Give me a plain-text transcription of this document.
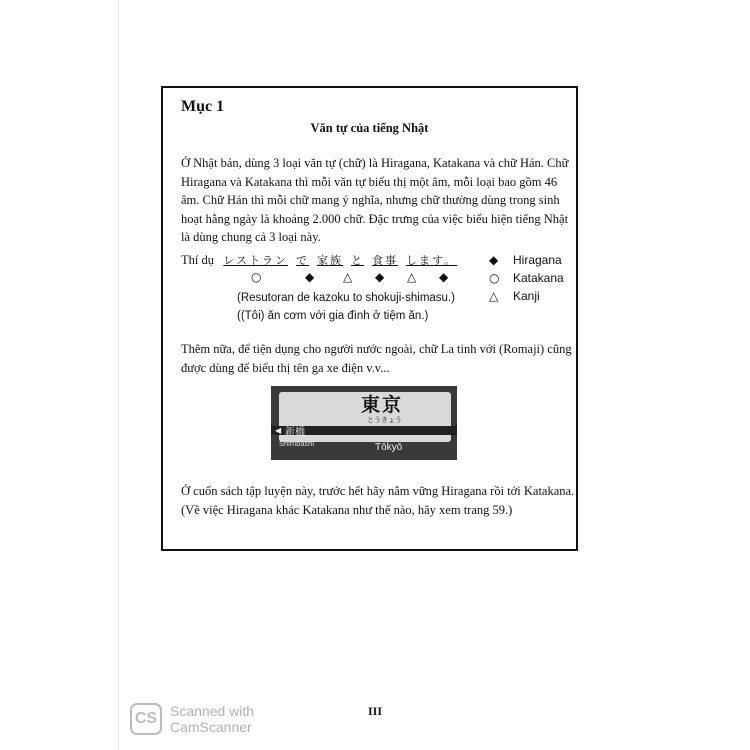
Mục 1
Văn tự của tiếng Nhật
Ở Nhật bản, dùng 3 loại văn tự (chữ) là Hiragana, Katakana và chữ Hán. Chữ Hiragana và Katakana thì mỗi văn tự biểu thị một âm, mỗi loại bao gồm 46 âm. Chữ Hán thì mỗi chữ mang ý nghĩa, nhưng chữ thường dùng trong sinh hoạt hằng ngày là khoảng 2.000 chữ. Đặc trưng của việc biểu hiện tiếng Nhật là dùng chung cả 3 loại này.
Thí dụ レストラン で 家族 と 食事 します。
○	◆ △ ◆ △ ◆
(Resutoran de kazoku to shokuji-shimasu.)
((Tôi) ăn cơm với gia đình ở tiệm ăn.)
◆	Hiragana
○	Katakana
△	Kanji
Thêm nữa, để tiện dụng cho người nước ngoài, chữ La tinh với (Romaji) cũng được dùng để biểu thị tên ga xe điện v.v...
東京
とうきょう
◀ 新橋
Shimbashi	Tōkyō
Ở cuốn sách tập luyện này, trước hết hãy nắm vững Hiragana rồi tới Katakana. (Về việc Hiragana khác Katakana như thế nào, hãy xem trang 59.)
III
CS Scanned with
CamScanner
